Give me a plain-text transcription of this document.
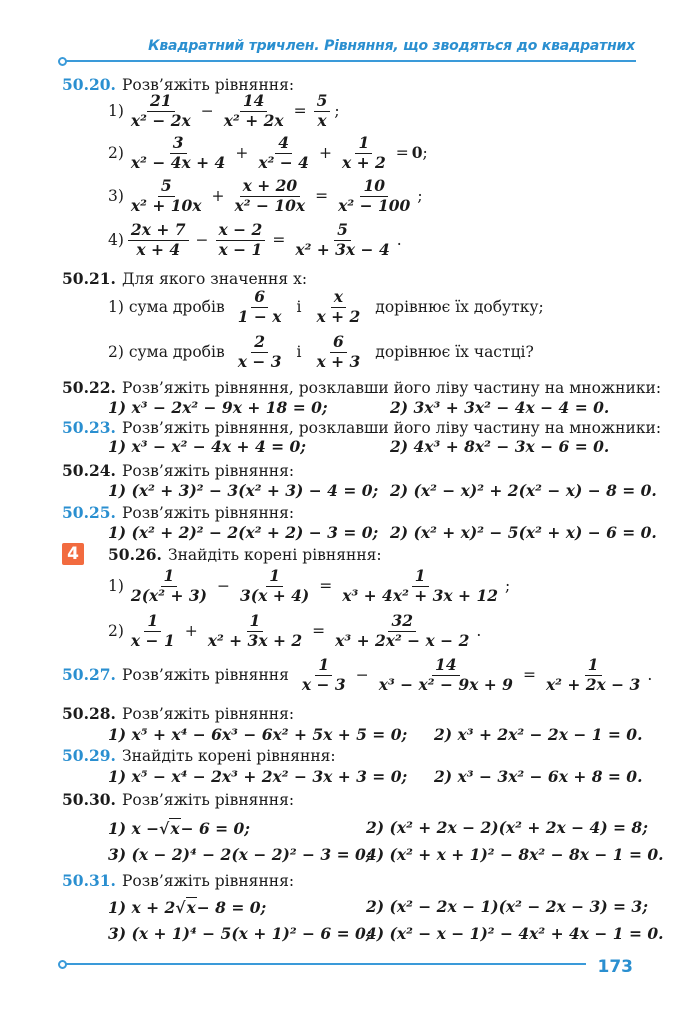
Квадратний тричлен. Рівняння, що зводяться до квадратних
50.20. Розв’яжіть рівняння:
$1) \frac{21}{\text{x² − 2x}} - \frac{14}{\text{x² + 2x}} = \frac{5}{x}$ ;
$2) \frac{3}{\text{x² − 4x + 4}} + \frac{4}{\text{x² − 4}} + \frac{1}{x + 2} = 0$ ;
$3) \frac{5}{\text{x² + 10x}} + \frac{x + 20}{\text{x² − 10x}} = \frac{10}{\text{x² − 100}}$ ;
$4) \frac{2x + 7}{x + 4} - \frac{x - 2}{x - 1} = \frac{5}{\text{x² + 3x − 4}}$ .
50.21. Для якого значення x:
1) сума дробів $\frac{6}{1 - x}$ і $\frac{x}{x + 2}$ дорівнює їх добутку;
2) сума дробів $\frac{2}{x - 3}$ і $\frac{6}{x + 3}$ дорівнює їх частці?
50.22. Розв’яжіть рівняння, розклавши його ліву частину на множники:
1) x³ − 2x² − 9x + 18 = 0;	2) 3x³ + 3x² − 4x − 4 = 0.
50.23. Розв’яжіть рівняння, розклавши його ліву частину на множники:
1) x³ − x² − 4x + 4 = 0;	2) 4x³ + 8x² − 3x − 6 = 0.
50.24. Розв’яжіть рівняння:
1) (x² + 3)² − 3(x² + 3) − 4 = 0; 2) (x² − x)² + 2(x² − x) − 8 = 0.
50.25. Розв’яжіть рівняння:
1) (x² + 2)² − 2(x² + 2) − 3 = 0; 2) (x² + x)² − 5(x² + x) − 6 = 0.
4	50.26. Знайдіть корені рівняння:
$1) \frac{1}{\text{2(x² + 3)}} - \frac{1}{3(x + 4)} = \frac{1}{\text{x³ + 4x² + 3x + 12}}$ ;
$2) \frac{1}{x - 1} + \frac{1}{\text{x² + 3x + 2}} = \frac{32}{\text{x³ + 2x² − x − 2}}$ .
50.27. Розв’яжіть рівняння $\frac{1}{x - 3} - \frac{14}{\text{x³ − x² − 9x + 9}} = \frac{1}{\text{x² + 2x − 3}}$ .
50.28. Розв’яжіть рівняння:
1) x⁵ + x⁴ − 6x³ − 6x² + 5x + 5 = 0; 2) x³ + 2x² − 2x − 1 = 0.
50.29. Знайдіть корені рівняння:
1) x⁵ − x⁴ − 2x³ + 2x² − 3x + 3 = 0; 2) x³ − 3x² − 6x + 8 = 0.
50.30. Розв’яжіть рівняння:
1) x − √ x − 6 = 0;	2) (x² + 2x − 2)(x² + 2x − 4) = 8;
3) (x − 2)⁴ − 2(x − 2)² − 3 = 0;
4) (x² + x + 1)² − 8x² − 8x − 1 = 0.
50.31. Розв’яжіть рівняння:
1) x + 2 √ x − 8 = 0;	2) (x² − 2x − 1)(x² − 2x − 3) = 3;
3) (x + 1)⁴ − 5(x + 1)² − 6 = 0;
4) (x² − x − 1)² − 4x² + 4x − 1 = 0.
173
